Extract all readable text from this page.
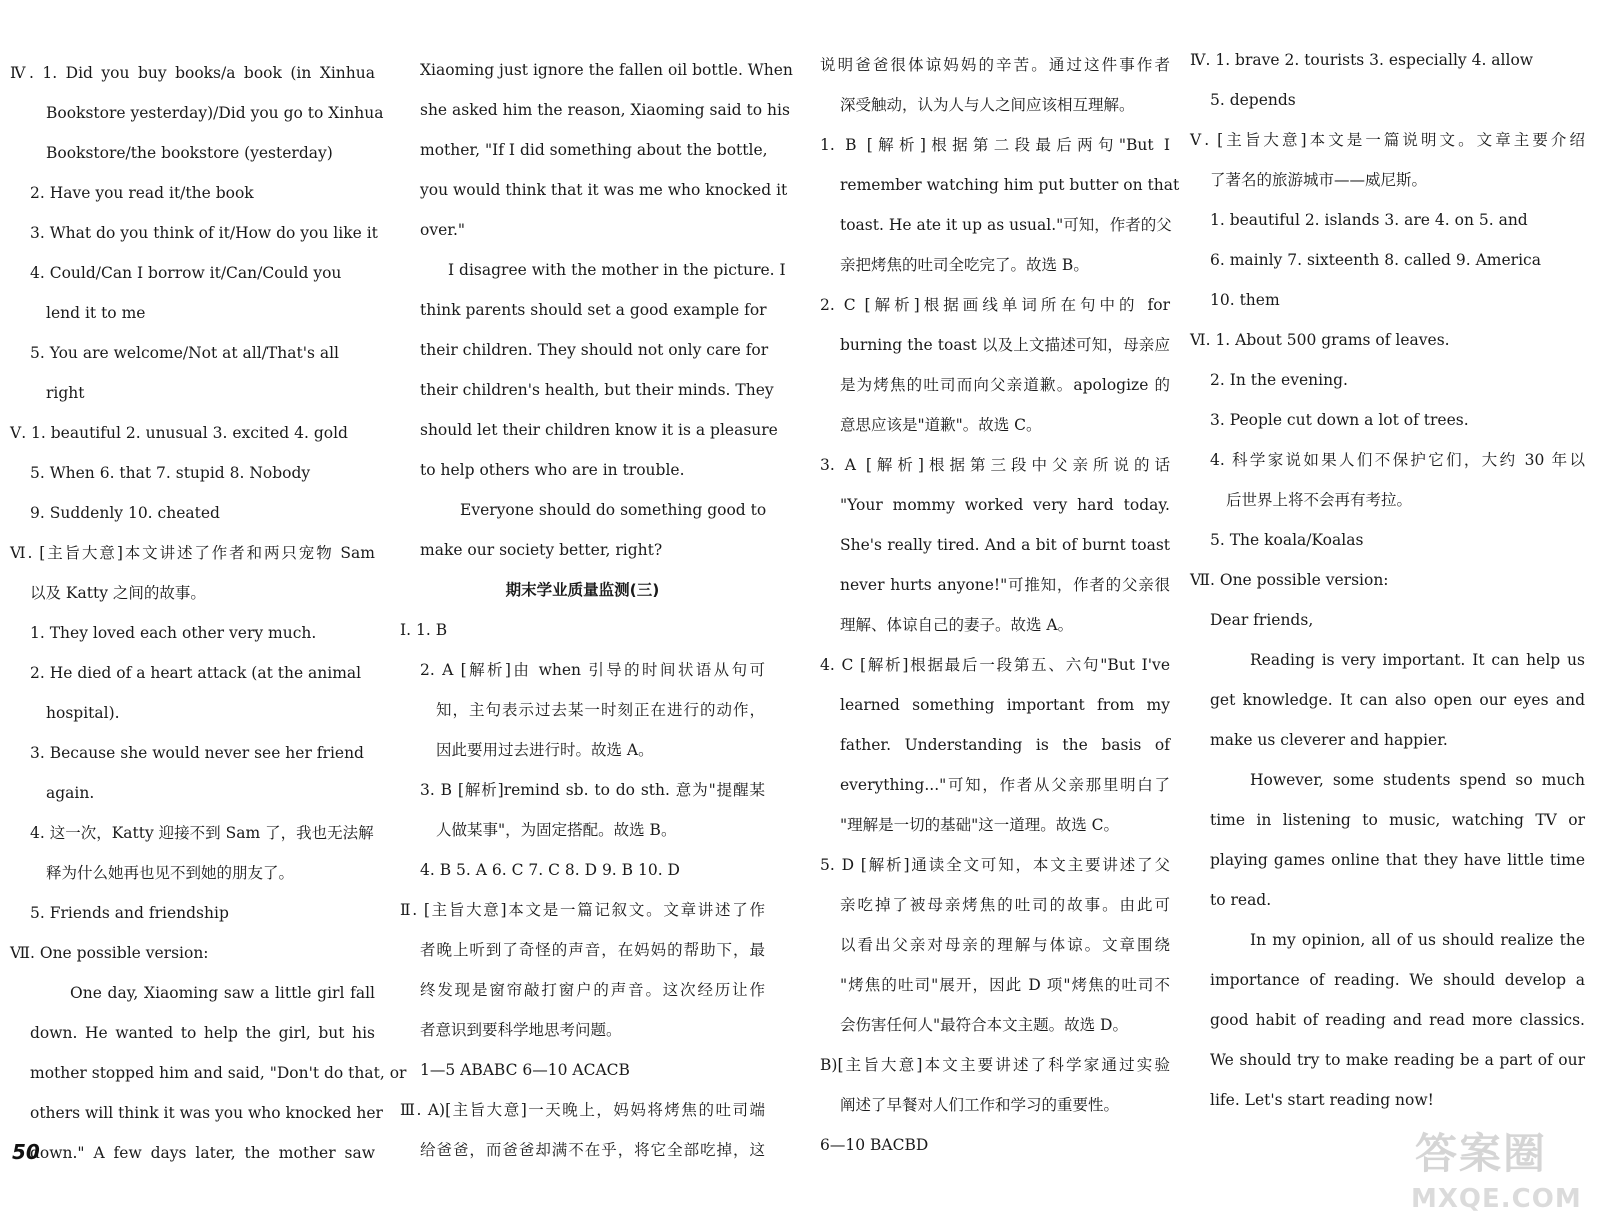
Ⅳ. 1. Did you buy books/a book (in Xinhua
Bookstore yesterday)/Did you go to Xinhua
Bookstore/the bookstore (yesterday)
2. Have you read it/the book
3. What do you think of it/How do you like it
4. Could/Can I borrow it/Can/Could you
lend it to me
5. You are welcome/Not at all/That's all
right
Ⅴ. 1. beautiful 2. unusual 3. excited 4. gold
5. When 6. that 7. stupid 8. Nobody
9. Suddenly 10. cheated
Ⅵ. [主旨大意]本文讲述了作者和两只宠物 Sam
以及 Katty 之间的故事。
1. They loved each other very much.
2. He died of a heart attack (at the animal
hospital).
3. Because she would never see her friend
again.
4. 这一次，Katty 迎接不到 Sam 了，我也无法解
释为什么她再也见不到她的朋友了。
5. Friends and friendship
Ⅶ. One possible version:
One day, Xiaoming saw a little girl fall
down. He wanted to help the girl, but his
mother stopped him and said, "Don't do that, or
others will think it was you who knocked her
down." A few days later, the mother saw
Xiaoming just ignore the fallen oil bottle. When
she asked him the reason, Xiaoming said to his
mother, "If I did something about the bottle,
you would think that it was me who knocked it
over."
I disagree with the mother in the picture. I
think parents should set a good example for
their children. They should not only care for
their children's health, but their minds. They
should let their children know it is a pleasure
to help others who are in trouble.
Everyone should do something good to
make our society better, right?
期末学业质量监测(三)
Ⅰ. 1. B
2. A [解析]由 when 引导的时间状语从句可
知，主句表示过去某一时刻正在进行的动作，
因此要用过去进行时。故选 A。
3. B [解析]remind sb. to do sth. 意为"提醒某
人做某事"，为固定搭配。故选 B。
4. B 5. A 6. C 7. C 8. D 9. B 10. D
Ⅱ. [主旨大意]本文是一篇记叙文。文章讲述了作
者晚上听到了奇怪的声音，在妈妈的帮助下，最
终发现是窗帘敲打窗户的声音。这次经历让作
者意识到要科学地思考问题。
1—5 ABABC 6—10 ACACB
Ⅲ. A)[主旨大意]一天晚上，妈妈将烤焦的吐司端
给爸爸，而爸爸却满不在乎，将它全部吃掉，这
说明爸爸很体谅妈妈的辛苦。通过这件事作者
深受触动，认为人与人之间应该相互理解。
1. B [解析]根据第二段最后两句"But I
remember watching him put butter on that
toast. He ate it up as usual."可知，作者的父
亲把烤焦的吐司全吃完了。故选 B。
2. C [解析]根据画线单词所在句中的 for
burning the toast 以及上文描述可知，母亲应
是为烤焦的吐司而向父亲道歉。apologize 的
意思应该是"道歉"。故选 C。
3. A [解析]根据第三段中父亲所说的话
"Your mommy worked very hard today.
She's really tired. And a bit of burnt toast
never hurts anyone!"可推知，作者的父亲很
理解、体谅自己的妻子。故选 A。
4. C [解析]根据最后一段第五、六句"But I've
learned something important from my
father. Understanding is the basis of
everything..."可知，作者从父亲那里明白了
"理解是一切的基础"这一道理。故选 C。
5. D [解析]通读全文可知，本文主要讲述了父
亲吃掉了被母亲烤焦的吐司的故事。由此可
以看出父亲对母亲的理解与体谅。文章围绕
"烤焦的吐司"展开，因此 D 项"烤焦的吐司不
会伤害任何人"最符合本文主题。故选 D。
B)[主旨大意]本文主要讲述了科学家通过实验
阐述了早餐对人们工作和学习的重要性。
6—10 BACBD
Ⅳ. 1. brave 2. tourists 3. especially 4. allow
5. depends
Ⅴ. [主旨大意]本文是一篇说明文。文章主要介绍
了著名的旅游城市——威尼斯。
1. beautiful 2. islands 3. are 4. on 5. and
6. mainly 7. sixteenth 8. called 9. America
10. them
Ⅵ. 1. About 500 grams of leaves.
2. In the evening.
3. People cut down a lot of trees.
4. 科学家说如果人们不保护它们，大约 30 年以
后世界上将不会再有考拉。
5. The koala/Koalas
Ⅶ. One possible version:
Dear friends,
Reading is very important. It can help us
get knowledge. It can also open our eyes and
make us cleverer and happier.
However, some students spend so much
time in listening to music, watching TV or
playing games online that they have little time
to read.
In my opinion, all of us should realize the
importance of reading. We should develop a
good habit of reading and read more classics.
We should try to make reading be a part of our
life. Let's start reading now!
50	答案圈
MXQE.COM
